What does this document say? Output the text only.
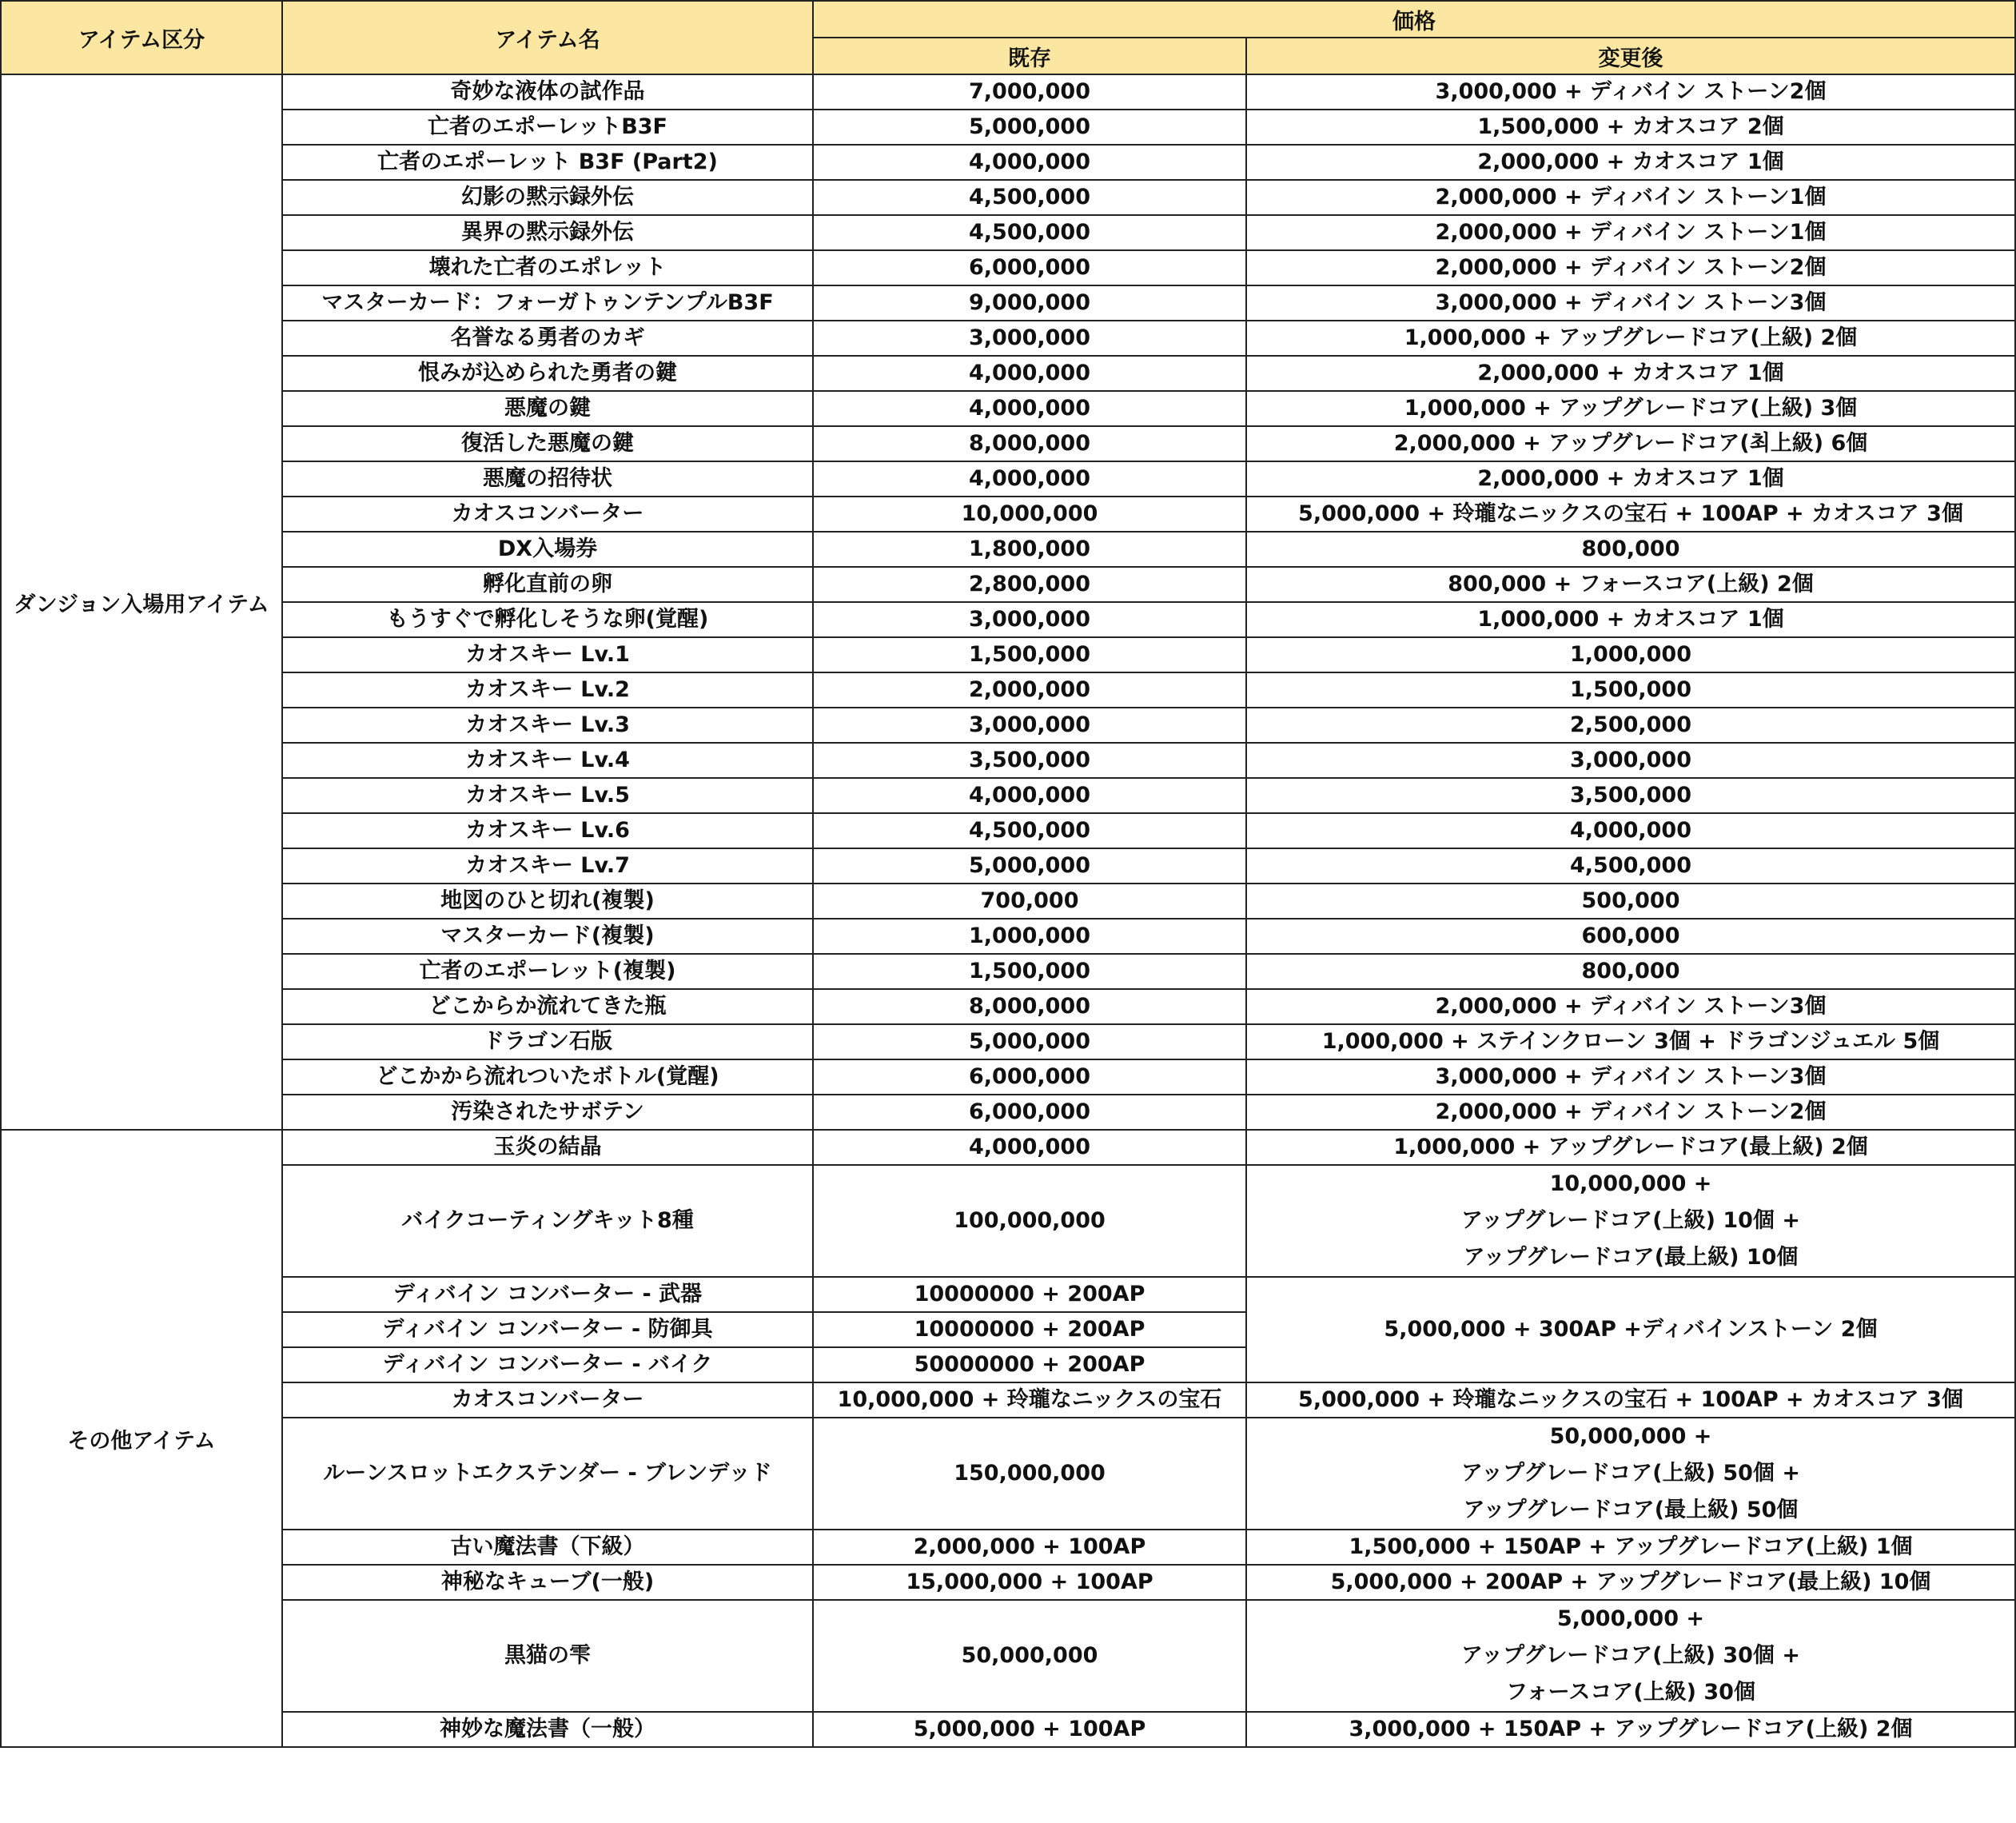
アイテム区分	アイテム名	価格	
		既存	変更後
ダンジョン入場用アイテム	奇妙な液体の試作品	7,000,000	3,000,000 + ディバイン ストーン2個
	亡者のエポーレットB3F	5,000,000	1,500,000 + カオスコア 2個
	亡者のエポーレット B3F (Part2)	4,000,000	2,000,000 + カオスコア 1個
	幻影の黙示録外伝	4,500,000	2,000,000 + ディバイン ストーン1個
	異界の黙示録外伝	4,500,000	2,000,000 + ディバイン ストーン1個
	壊れた亡者のエポレット	6,000,000	2,000,000 + ディバイン ストーン2個
	マスターカード：フォーガトゥンテンプルB3F	9,000,000	3,000,000 + ディバイン ストーン3個
	名誉なる勇者のカギ	3,000,000	1,000,000 + アップグレードコア(上級) 2個
	恨みが込められた勇者の鍵	4,000,000	2,000,000 + カオスコア 1個
	悪魔の鍵	4,000,000	1,000,000 + アップグレードコア(上級) 3個
	復活した悪魔の鍵	8,000,000	2,000,000 + アップグレードコア(최上級) 6個
	悪魔の招待状	4,000,000	2,000,000 + カオスコア 1個
	カオスコンバーター	10,000,000	5,000,000 + 玲瓏なニックスの宝石 + 100AP + カオスコア 3個
	DX入場券	1,800,000	800,000
	孵化直前の卵	2,800,000	800,000 + フォースコア(上級) 2個
	もうすぐで孵化しそうな卵(覚醒)	3,000,000	1,000,000 + カオスコア 1個
	カオスキー Lv.1	1,500,000	1,000,000
	カオスキー Lv.2	2,000,000	1,500,000
	カオスキー Lv.3	3,000,000	2,500,000
	カオスキー Lv.4	3,500,000	3,000,000
	カオスキー Lv.5	4,000,000	3,500,000
	カオスキー Lv.6	4,500,000	4,000,000
	カオスキー Lv.7	5,000,000	4,500,000
	地図のひと切れ(複製)	700,000	500,000
	マスターカード(複製)	1,000,000	600,000
	亡者のエポーレット(複製)	1,500,000	800,000
	どこからか流れてきた瓶	8,000,000	2,000,000 + ディバイン ストーン3個
	ドラゴン石版	5,000,000	1,000,000 + ステインクローン 3個 + ドラゴンジュエル 5個
	どこかから流れついたボトル(覚醒)	6,000,000	3,000,000 + ディバイン ストーン3個
	汚染されたサボテン	6,000,000	2,000,000 + ディバイン ストーン2個
その他アイテム	玉炎の結晶	4,000,000	1,000,000 + アップグレードコア(最上級) 2個
	バイクコーティングキット8種	100,000,000	10,000,000 +
アップグレードコア(上級) 10個 +
アップグレードコア(最上級) 10個

	ディバイン コンバーター - 武器	10000000 + 200AP	5,000,000 + 300AP +ディバインストーン 2個
	ディバイン コンバーター - 防御具	10000000 + 200AP	
	ディバイン コンバーター - バイク	50000000 + 200AP	
	カオスコンバーター	10,000,000 + 玲瓏なニックスの宝石	5,000,000 + 玲瓏なニックスの宝石 + 100AP + カオスコア 3個
	ルーンスロットエクステンダー - ブレンデッド	150,000,000	50,000,000 +
アップグレードコア(上級) 50個 +
アップグレードコア(最上級) 50個

	古い魔法書（下級）	2,000,000 + 100AP	1,500,000 + 150AP + アップグレードコア(上級) 1個
	神秘なキューブ(一般)	15,000,000 + 100AP	5,000,000 + 200AP + アップグレードコア(最上級) 10個
	黒猫の雫	50,000,000	5,000,000 +
アップグレードコア(上級) 30個 +
フォースコア(上級) 30個

	神妙な魔法書（一般）	5,000,000 + 100AP	3,000,000 + 150AP + アップグレードコア(上級) 2個
